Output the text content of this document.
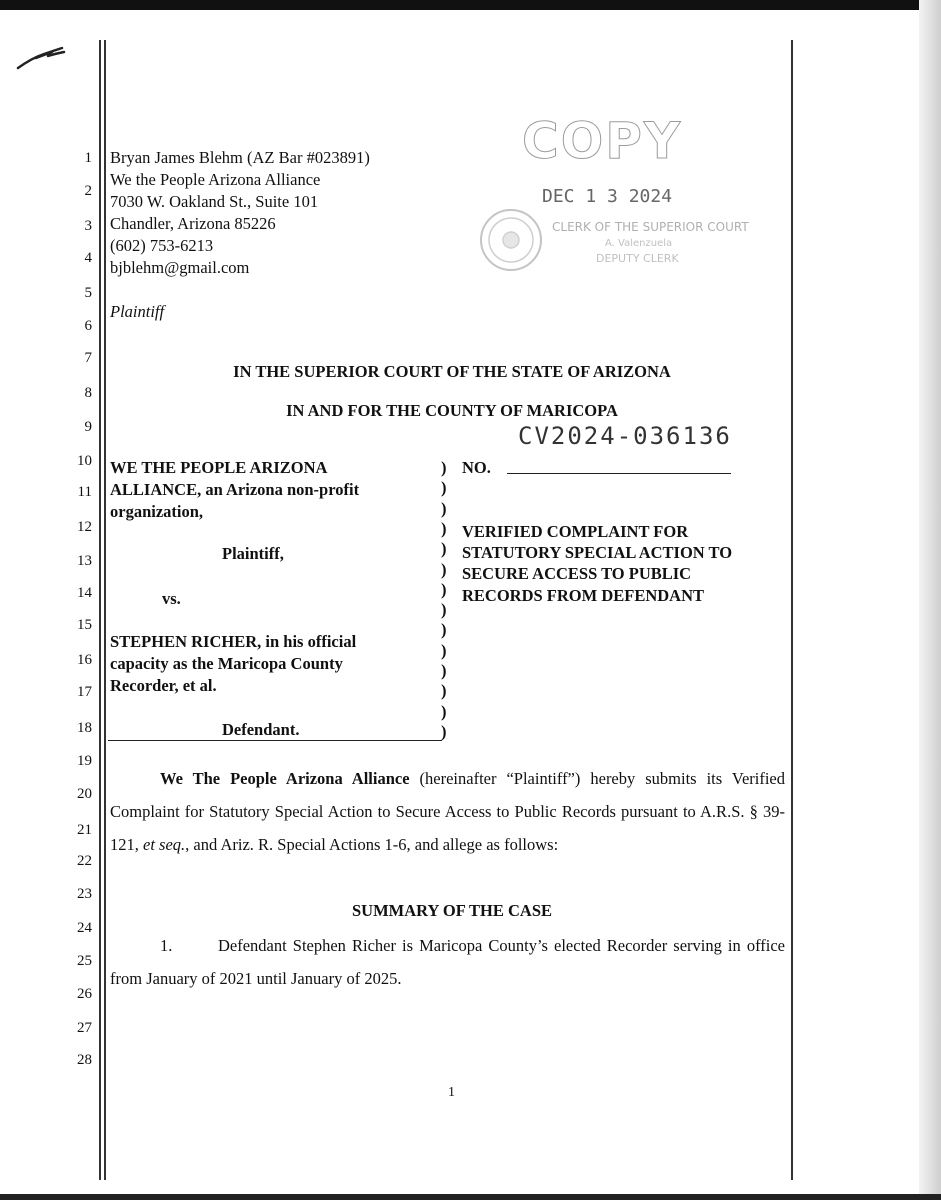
1
2
3
4
5
6
7
8
9
10
11
12
13
14
15
16
17
18
19
20
21
22
23
24
25
26
27
28
COPY
DEC 1 3 2024
CLERK OF THE SUPERIOR COURT
A. Valenzuela
DEPUTY CLERK
Bryan James Blehm (AZ Bar #023891)
We the People Arizona Alliance
7030 W. Oakland St., Suite 101
Chandler, Arizona 85226
(602) 753-6213
bjblehm@gmail.com
Plaintiff
IN THE SUPERIOR COURT OF THE STATE OF ARIZONA
IN AND FOR THE COUNTY OF MARICOPA
CV2024-036136
WE THE PEOPLE ARIZONA
ALLIANCE, an Arizona non-profit
organization,
Plaintiff,
vs.
STEPHEN RICHER, in his official
capacity as the Maricopa County
Recorder, et al.
Defendant.
)
)
)
)
)
)
)
)
)
)
)
)
)
)
NO.
VERIFIED COMPLAINT FOR
STATUTORY SPECIAL ACTION TO
SECURE ACCESS TO PUBLIC
RECORDS FROM DEFENDANT
We The People Arizona Alliance (hereinafter “Plaintiff”) hereby submits its Verified Complaint for Statutory Special Action to Secure Access to Public Records pursuant to A.R.S. § 39-121, et seq., and Ariz. R. Special Actions 1-6, and allege as follows:
SUMMARY OF THE CASE
1.	Defendant Stephen Richer is Maricopa County’s elected Recorder serving in office from January of 2021 until January of 2025.
1
